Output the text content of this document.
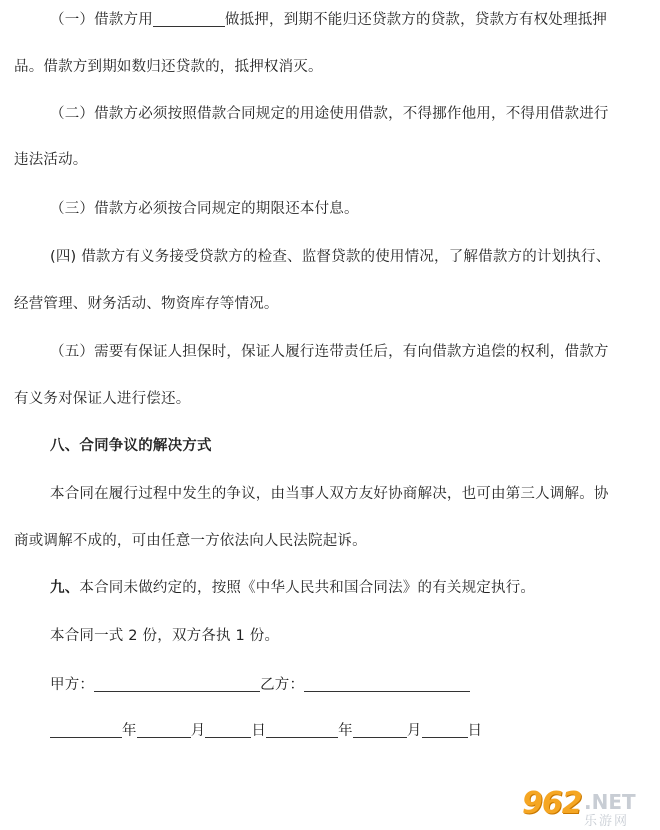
（一）借款方用	做抵押，到期不能归还贷款方的贷款，贷款方有权处理抵押
品。借款方到期如数归还贷款的，抵押权消灭。
（二）借款方必须按照借款合同规定的用途使用借款，不得挪作他用，不得用借款进行
违法活动。
（三）借款方必须按合同规定的期限还本付息。
(四) 借款方有义务接受贷款方的检查、监督贷款的使用情况，了解借款方的计划执行、
经营管理、财务活动、物资库存等情况。
（五）需要有保证人担保时，保证人履行连带责任后，有向借款方追偿的权利，借款方
有义务对保证人进行偿还。
八、合同争议的解决方式
本合同在履行过程中发生的争议，由当事人双方友好协商解决，也可由第三人调解。协
商或调解不成的，可由任意一方依法向人民法院起诉。
九、本合同未做约定的，按照《中华人民共和国合同法》的有关规定执行。
本合同一式 2 份，双方各执 1 份。
甲方：	乙方：
年	月	日	年	月	日
962 .NET
乐游网
